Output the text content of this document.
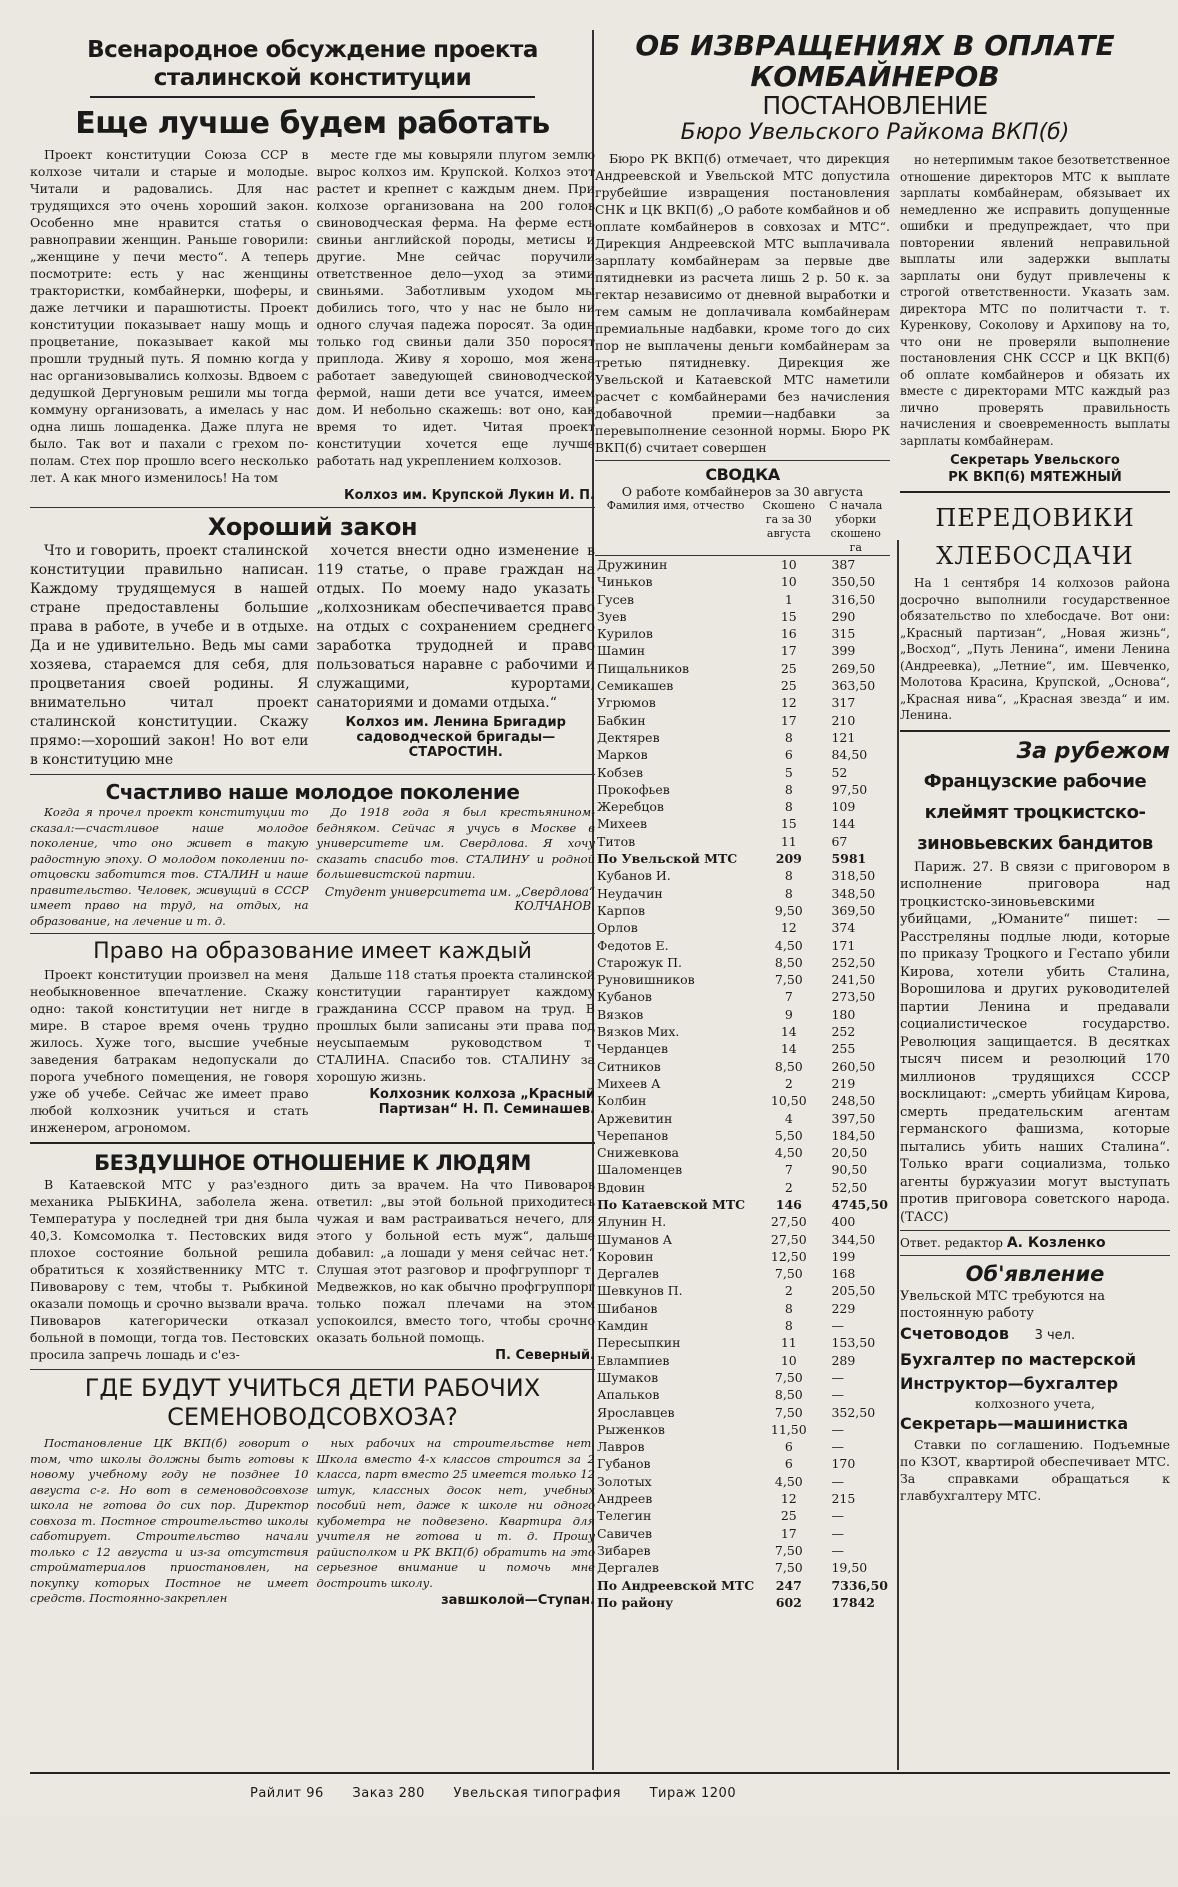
Всенародное обсуждение проекта сталинской конституции
Еще лучше будем работать

Проект конституции Союза ССР в колхозе читали и старые и молодые. Читали и радовались. Для нас трудящихся это очень хороший закон. Особенно мне нравится статья о равноправии женщин. Раньше говорили: „женщине у печи место“. А теперь посмотрите: есть у нас женщины трактористки, комбайнерки, шоферы, и даже летчики и парашютисты. Проект конституции показывает нашу мощь и процветание, показывает какой мы прошли трудный путь. Я помню когда у нас организовывались колхозы. Вдвоем с дедушкой Дергуновым решили мы тогда коммуну организовать, а имелась у нас одна лишь лошаденка. Даже плуга не было. Так вот и пахали с грехом по-полам. Стех пор прошло всего несколько лет. А как много изменилось! На том

месте где мы ковыряли плугом землю вырос колхоз им. Крупской. Колхоз этот растет и крепнет с каждым днем. При колхозе организована на 200 голов свиноводческая ферма. На ферме есть свиньи английской породы, метисы и другие. Мне сейчас поручили ответственное дело—уход за этими свиньями. Заботливым уходом мы добились того, что у нас не было ни одного случая падежа поросят. За один только год свиньи дали 350 поросят приплода. Живу я хорошо, моя жена работает заведующей свиноводческой фермой, наши дети все учатся, имеем дом. И небольно скажешь: вот оно, как время то идет. Читая проект конституции хочется еще лучше работать над укреплением колхозов.

Колхоз им. Крупской Лукин И. П.
Хороший закон

Что и говорить, проект сталинской конституции правильно написан. Каждому трудящемуся в нашей стране предоставлены большие права в работе, в учебе и в отдыхе. Да и не удивительно. Ведь мы сами хозяева, стараемся для себя, для процветания своей родины. Я внимательно читал проект сталинской конституции. Скажу прямо:—хороший закон! Но вот ели в конституцию мне

хочется внести одно изменение в 119 статье, о праве граждан на отдых. По моему надо указать: „колхозникам обеспечивается право на отдых с сохранением среднего заработка трудодней и право пользоваться наравне с рабочими и служащими, курортами, санаториями и домами отдыха.“

Колхоз им. Ленина Бригадир садоводческой бригады—СТАРОСТИН.
Счастливо наше молодое поколение

Когда я прочел проект конституции то сказал:—счастливое наше молодое поколение, что оно живет в такую радостную эпоху. О молодом поколении по-отцовски заботится тов. СТАЛИН и наше правительство. Человек, живущий в СССР имеет право на труд, на отдых, на образование, на лечение и т. д.

До 1918 года я был крестьянином-бедняком. Сейчас я учусь в Москве в университете им. Свердлова. Я хочу сказать спасибо тов. СТАЛИНУ и родной большевистской партии.

Студент университета им. „Свердлова“ КОЛЧАНОВ.
Право на образование имеет каждый

Проект конституции произвел на меня необыкновенное впечатление. Скажу одно: такой конституции нет нигде в мире. В старое время очень трудно жилось. Хуже того, высшие учебные заведения батракам недопускали до порога учебного помещения, не говоря уже об учебе. Сейчас же имеет право любой колхозник учиться и стать инженером, агрономом.

Дальше 118 статья проекта сталинской конституции гарантирует каждому гражданина СССР правом на труд. В прошлых были записаны эти права под неусыпаемым руководством т. СТАЛИНА. Спасибо тов. СТАЛИНУ за хорошую жизнь.

Колхозник колхоза „Красный Партизан“ Н. П. Семинашев.
БЕЗДУШНОЕ ОТНОШЕНИЕ К ЛЮДЯМ

В Катаевской МТС у раз'ездного механика РЫБКИНА, заболела жена. Температура у последней три дня была 40,3. Комсомолка т. Пестовских видя плохое состояние больной решила обратиться к хозяйственнику МТС т. Пивоварову с тем, чтобы т. Рыбкиной оказали помощь и срочно вызвали врача. Пивоваров категорически отказал больной в помощи, тогда тов. Пестовских просила запречь лошадь и с'ез-

дить за врачем. На что Пивоваров ответил: „вы этой больной приходитесь чужая и вам растраиваться нечего, для этого у больной есть муж“, дальше добавил: „а лошади у меня сейчас нет.“ Слушая этот разговор и профгруппорг т. Медвежков, но как обычно профгруппорг только пожал плечами на этом успокоился, вместо того, чтобы срочно оказать больной помощь.

П. Северный.
ГДЕ БУДУТ УЧИТЬСЯ ДЕТИ РАБОЧИХ СЕМЕНОВОДСОВХОЗА?

Постановление ЦК ВКП(б) говорит о том, что школы должны быть готовы к новому учебному году не позднее 10 августа с-г. Но вот в семеноводсовхозе школа не готова до сих пор. Директор совхоза т. Постное строительство школы саботирует. Строительство начали только с 12 августа и из-за отсутствия стройматериалов приостановлен, на покупку которых Постное не имеет средств. Постоянно-закреплен

ных рабочих на строительстве нет. Школа вместо 4-х классов строится за 2 класса, парт вместо 25 имеется только 12 штук, классных досок нет, учебных пособий нет, даже к школе ни одного кубометра не подвезено. Квартира для учителя не готова и т. д. Прошу райисполком и РК ВКП(б) обратить на это серьезное внимание и помочь мне достроить школу.

завшколой—Ступан.
ОБ ИЗВРАЩЕНИЯХ В ОПЛАТЕ КОМБАЙНЕРОВ
ПОСТАНОВЛЕНИЕ
Бюро Увельского Райкома ВКП(б)

Бюро РК ВКП(б) отмечает, что дирекция Андреевской и Увельской МТС допустила грубейшие извращения постановления СНК и ЦК ВКП(б) „О работе комбайнов и об оплате комбайнеров в совхозах и МТС“. Дирекция Андреевской МТС выплачивала зарплату комбайнерам за первые две пятидневки из расчета лишь 2 р. 50 к. за гектар независимо от дневной выработки и тем самым не доплачивала комбайнерам премиальные надбавки, кроме того до сих пор не выплачены деньги комбайнерам за третью пятидневку. Дирекция же Увельской и Катаевской МТС наметили расчет с комбайнерами без начисления добавочной премии—надбавки за перевыполнение сезонной нормы. Бюро РК ВКП(б) считает совершен

СВОДКА
О работе комбайнеров за 30 августа
Фамилия имя, отчество	Скошено га за 30 августа	С начала уборки скошено га
Дружинин	10	387
Чиньков	10	350,50
Гусев	1	316,50
Зуев	15	290
Курилов	16	315
Шамин	17	399
Пищальников	25	269,50
Семикашев	25	363,50
Угрюмов	12	317
Бабкин	17	210
Дектярев	8	121
Марков	6	84,50
Кобзев	5	52
Прокофьев	8	97,50
Жеребцов	8	109
Михеев	15	144
Титов	11	67
По Увельской МТС	209	5981
Кубанов И.	8	318,50
Неудачин	8	348,50
Карпов	9,50	369,50
Орлов	12	374
Федотов Е.	4,50	171
Старожук П.	8,50	252,50
Руновишников	7,50	241,50
Кубанов	7	273,50
Вязков	9	180
Вязков Мих.	14	252
Черданцев	14	255
Ситников	8,50	260,50
Михеев А	2	219
Колбин	10,50	248,50
Аржевитин	4	397,50
Черепанов	5,50	184,50
Снижевкова	4,50	20,50
Шаломенцев	7	90,50
Вдовин	2	52,50
По Катаевской МТС	146	4745,50
Ялунин Н.	27,50	400
Шуманов А	27,50	344,50
Коровин	12,50	199
Дергалев	7,50	168
Шевкунов П.	2	205,50
Шибанов	8	229
Камдин	8	—
Пересыпкин	11	153,50
Евлампиев	10	289
Шумаков	7,50	—
Апальков	8,50	—
Ярославцев	7,50	352,50
Рыженков	11,50	—
Лавров	6	—
Губанов	6	170
Золотых	4,50	—
Андреев	12	215
Телегин	25	—
Савичев	17	—
Зибарев	7,50	—
Дергалев	7,50	19,50
По Андреевской МТС	247	7336,50
По району	602	17842

но нетерпимым такое безответственное отношение директоров МТС к выплате зарплаты комбайнерам, обязывает их немедленно же исправить допущенные ошибки и предупреждает, что при повторении явлений неправильной выплаты или задержки выплаты зарплаты они будут привлечены к строгой ответственности. Указать зам. директора МТС по политчасти т. т. Куренкову, Соколову и Архипову на то, что они не проверяли выполнение постановления СНК СССР и ЦК ВКП(б) об оплате комбайнеров и обязать их вместе с директорами МТС каждый раз лично проверять правильность начисления и своевременность выплаты зарплаты комбайнерам.

Секретарь Увельского
РК ВКП(б) МЯТЕЖНЫЙ
ПЕРЕДОВИКИ ХЛЕБОСДАЧИ

На 1 сентября 14 колхозов района досрочно выполнили государственное обязательство по хлебосдаче. Вот они: „Красный партизан“, „Новая жизнь“, „Восход“, „Путь Ленина“, имени Ленина (Андреевка), „Летние“, им. Шевченко, Молотова Красина, Крупской, „Основа“, „Красная нива“, „Красная звезда“ и им. Ленина.

За рубежом
Французские рабочие клеймят троцкистско-зиновьевских бандитов

Париж. 27. В связи с приговором в исполнение приговора над троцкистско-зиновьевскими убийцами, „Юманите“ пишет: —Расстреляны подлые люди, которые по приказу Троцкого и Гестапо убили Кирова, хотели убить Сталина, Ворошилова и других руководителей партии Ленина и предавали социалистическое государство. Революция защищается. В десятках тысяч писем и резолюций 170 миллионов трудящихся СССР восклицают: „смерть убийцам Кирова, смерть предательским агентам германского фашизма, которые пытались убить наших Сталина“. Только враги социализма, только агенты буржуазии могут выступать против приговора советского народа. (ТАСС)

Ответ. редактор А. Козленко
Об'явление
Увельской МТС требуются на постоянную работу
Счетоводов 3 чел.
Бухгалтер по мастерской
Инструктор—бухгалтер
колхозного учета,
Секретарь—машинистка

Ставки по соглашению. Подъемные по КЗОТ, квартирой обеспечивает МТС. За справками обращаться к главбухгалтеру МТС.

Райлит 96 Заказ 280 Увельская типография Тираж 1200
